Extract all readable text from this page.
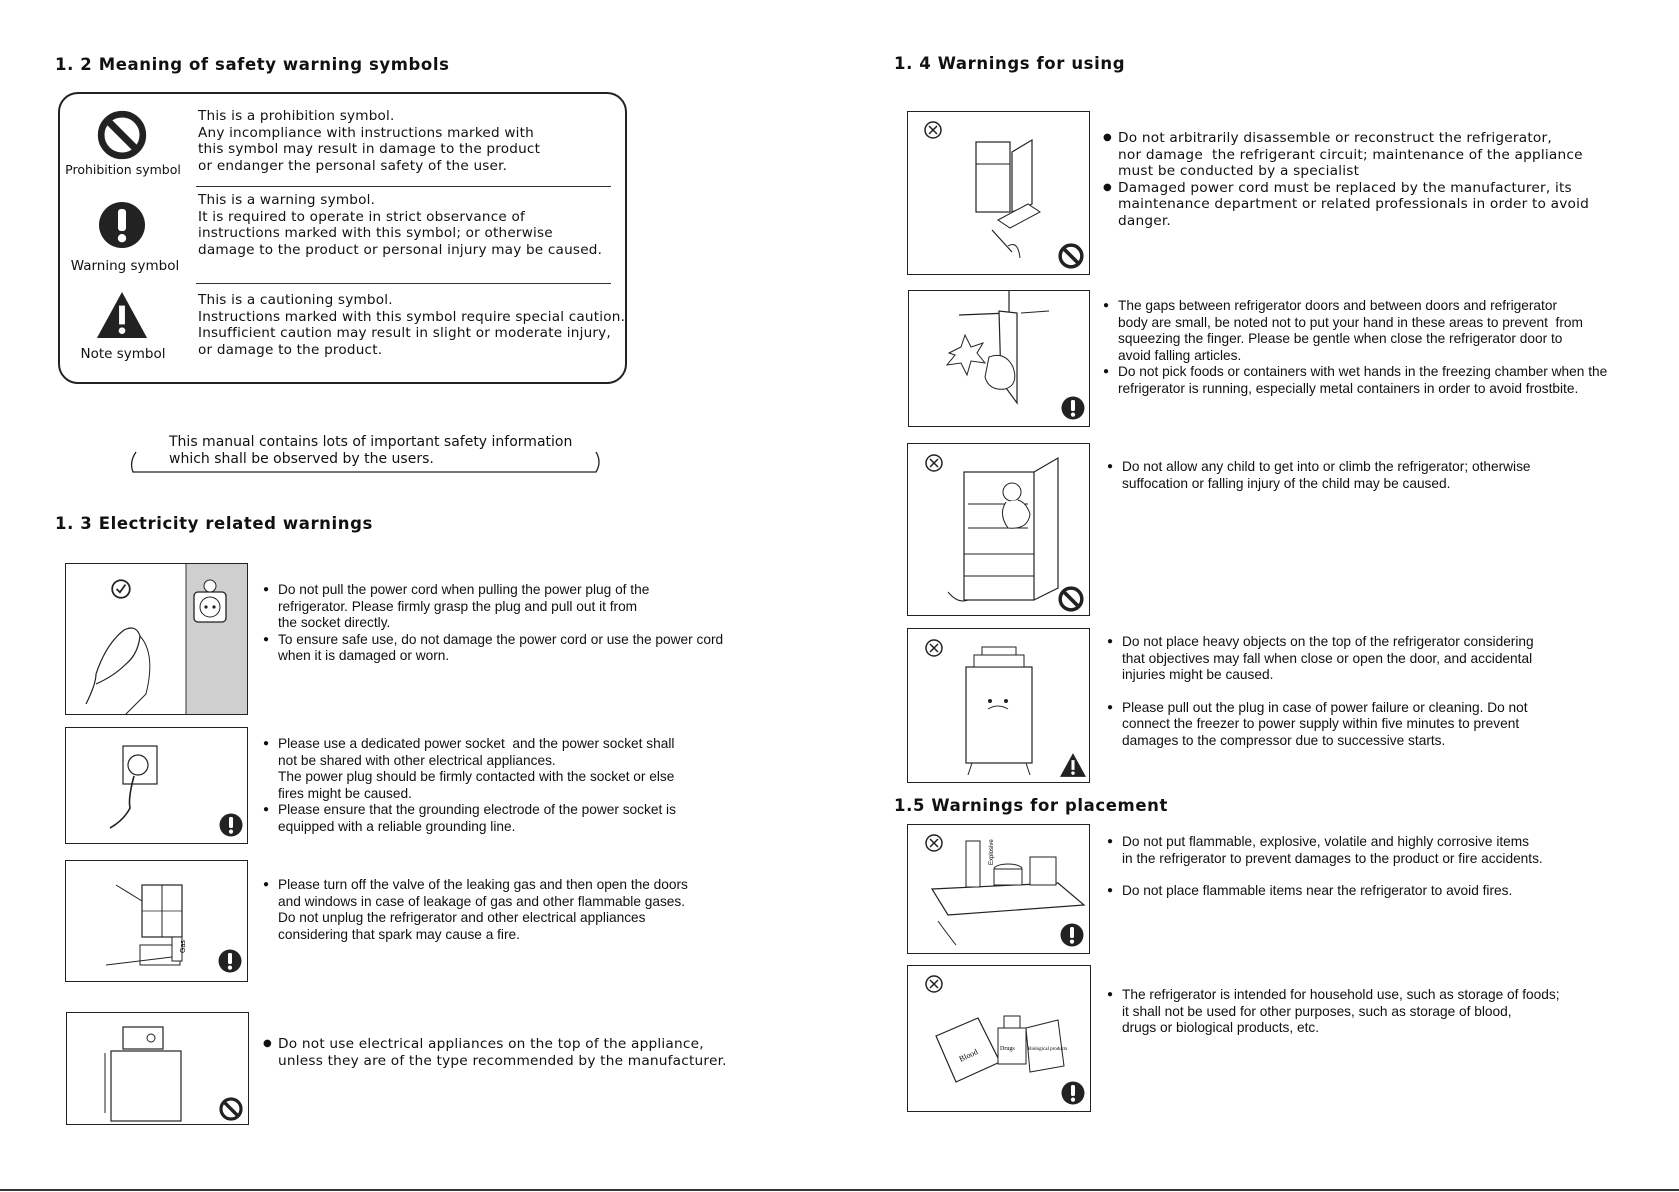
1. 2 Meaning of safety warning symbols
Prohibition symbol
This is a prohibition symbol.
Any incompliance with instructions marked with
this symbol may result in damage to the product
or endanger the personal safety of the user.
Warning symbol
This is a warning symbol.
It is required to operate in strict observance of
instructions marked with this symbol; or otherwise
damage to the product or personal injury may be caused.
Note symbol
This is a cautioning symbol.
Instructions marked with this symbol require special caution.
Insufficient caution may result in slight or moderate injury,
or damage to the product.
This manual contains lots of important safety information
which shall be observed by the users.
1. 3 Electricity related warnings
● Do not pull the power cord when pulling the power plug of the
refrigerator. Please firmly grasp the plug and pull out it from
the socket directly.
● To ensure safe use, do not damage the power cord or use the power cord
when it is damaged or worn.
● Please use a dedicated power socket  and the power socket shall
not be shared with other electrical appliances.
The power plug should be firmly contacted with the socket or else
fires might be caused.
● Please ensure that the grounding electrode of the power socket is
equipped with a reliable grounding line.
Gas
● Please turn off the valve of the leaking gas and then open the doors
and windows in case of leakage of gas and other flammable gases.
Do not unplug the refrigerator and other electrical appliances
considering that spark may cause a fire.
● Do not use electrical appliances on the top of the appliance,
unless they are of the type recommended by the manufacturer.
1. 4 Warnings for using
● Do not arbitrarily disassemble or reconstruct the refrigerator,
nor damage  the refrigerant circuit; maintenance of the appliance
must be conducted by a specialist
● Damaged power cord must be replaced by the manufacturer, its
maintenance department or related professionals in order to avoid
danger.
● The gaps between refrigerator doors and between doors and refrigerator
body are small, be noted not to put your hand in these areas to prevent  from
squeezing the finger. Please be gentle when close the refrigerator door to
avoid falling articles.
● Do not pick foods or containers with wet hands in the freezing chamber when the
refrigerator is running, especially metal containers in order to avoid frostbite.
● Do not allow any child to get into or climb the refrigerator; otherwise
suffocation or falling injury of the child may be caused.
● Do not place heavy objects on the top of the refrigerator considering
that objectives may fall when close or open the door, and accidental
injuries might be caused.
● Please pull out the plug in case of power failure or cleaning. Do not
connect the freezer to power supply within five minutes to prevent
damages to the compressor due to successive starts.
1.5 Warnings for placement
Explosive
●	Do not put flammable, explosive, volatile and highly corrosive items
in the refrigerator to prevent damages to the product or fire accidents.
● Do not place flammable items near the refrigerator to avoid fires.
Blood	Drugs	Biological products
● The refrigerator is intended for household use, such as storage of foods;
it shall not be used for other purposes, such as storage of blood,
drugs or biological products, etc.
